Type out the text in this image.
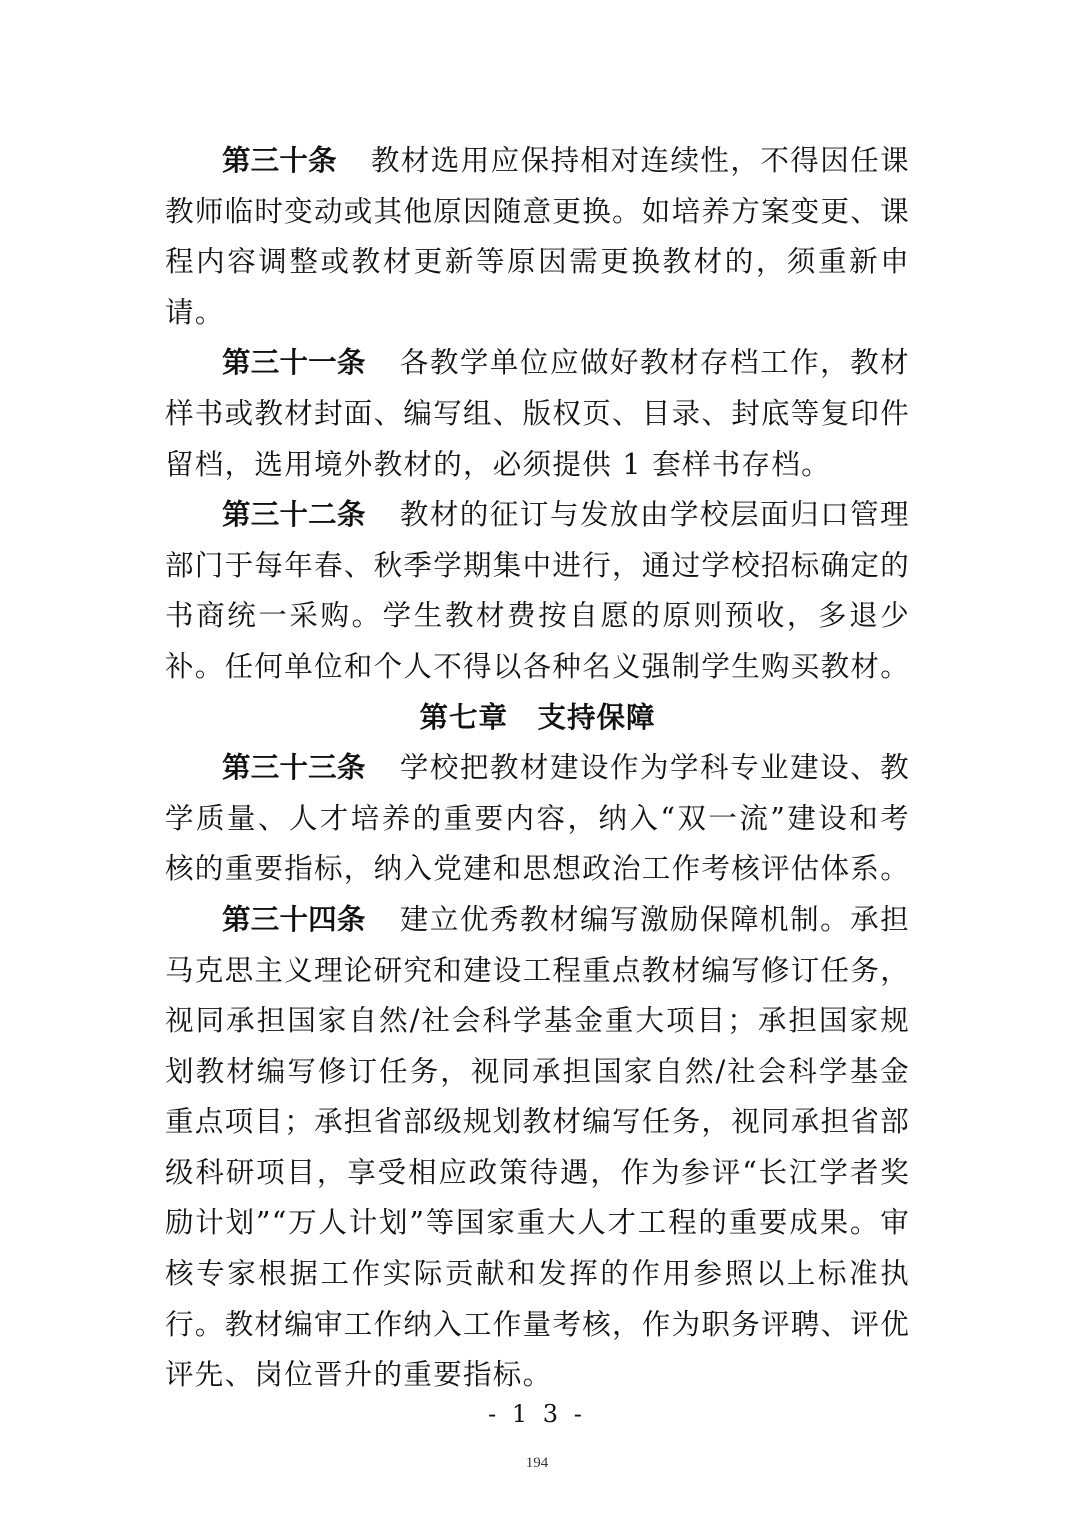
第三十条 教材选用应保持相对连续性，不得因任课教师临时变动或其他原因随意更换。如培养方案变更、课程内容调整或教材更新等原因需更换教材的，须重新申请。

第三十一条 各教学单位应做好教材存档工作，教材样书或教材封面、编写组、版权页、目录、封底等复印件留档，选用境外教材的，必须提供 1 套样书存档。

第三十二条 教材的征订与发放由学校层面归口管理部门于每年春、秋季学期集中进行，通过学校招标确定的书商统一采购。学生教材费按自愿的原则预收，多退少补。任何单位和个人不得以各种名义强制学生购买教材。

第七章　支持保障

第三十三条 学校把教材建设作为学科专业建设、教学质量、人才培养的重要内容，纳入“双一流”建设和考核的重要指标，纳入党建和思想政治工作考核评估体系。

第三十四条 建立优秀教材编写激励保障机制。承担马克思主义理论研究和建设工程重点教材编写修订任务，视同承担国家自然/社会科学基金重大项目；承担国家规划教材编写修订任务，视同承担国家自然/社会科学基金重点项目；承担省部级规划教材编写任务，视同承担省部级科研项目，享受相应政策待遇，作为参评“长江学者奖励计划”“万人计划”等国家重大人才工程的重要成果。审核专家根据工作实际贡献和发挥的作用参照以上标准执行。教材编审工作纳入工作量考核，作为职务评聘、评优评先、岗位晋升的重要指标。

- 1 3 -
194
